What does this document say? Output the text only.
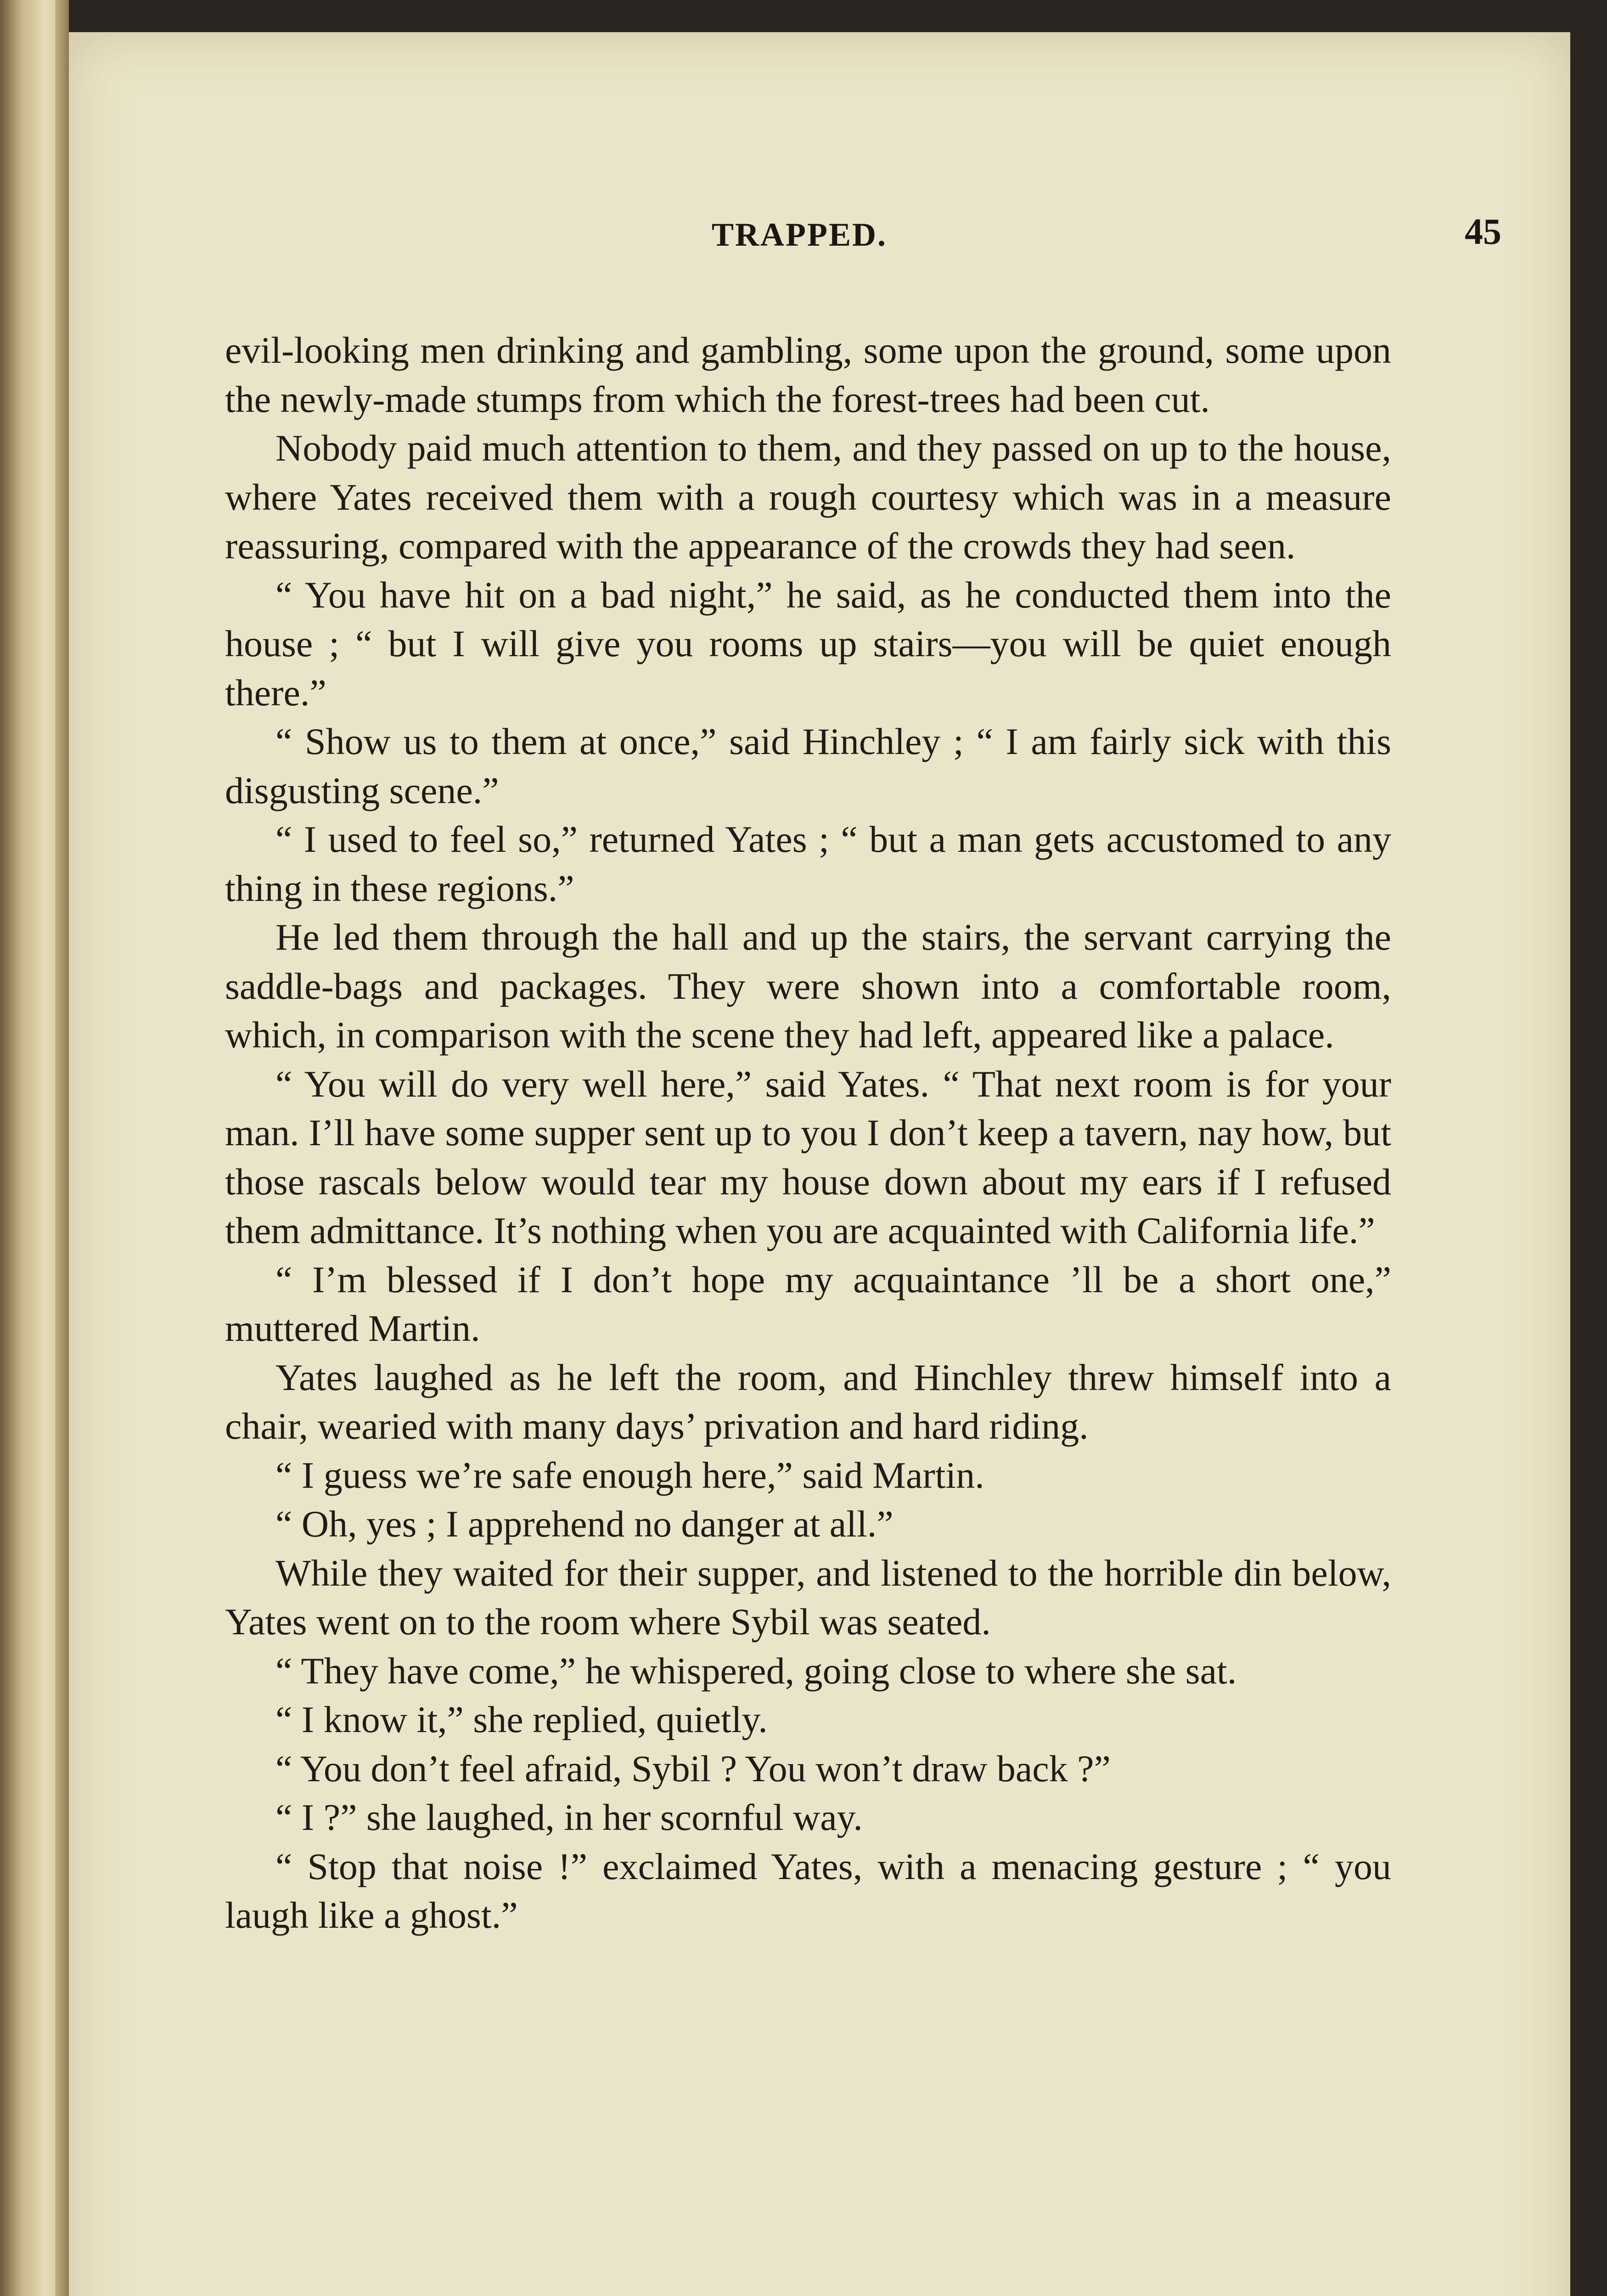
TRAPPED.	45

evil-looking men drinking and gambling, some upon the ground, some upon the newly-made stumps from which the forest-trees had been cut.

Nobody paid much attention to them, and they passed on up to the house, where Yates received them with a rough courtesy which was in a measure reassuring, compared with the appearance of the crowds they had seen.

“ You have hit on a bad night,” he said, as he conducted them into the house ; “ but I will give you rooms up stairs—you will be quiet enough there.”

“ Show us to them at once,” said Hinchley ; “ I am fairly sick with this disgusting scene.”

“ I used to feel so,” returned Yates ; “ but a man gets accustomed to any thing in these regions.”

He led them through the hall and up the stairs, the servant carrying the saddle-bags and packages. They were shown into a comfortable room, which, in comparison with the scene they had left, appeared like a palace.

“ You will do very well here,” said Yates. “ That next room is for your man. I’ll have some supper sent up to you I don’t keep a tavern, nay how, but those rascals below would tear my house down about my ears if I refused them admittance. It’s nothing when you are acquainted with California life.”

“ I’m blessed if I don’t hope my acquaintance ’ll be a short one,” muttered Martin.

Yates laughed as he left the room, and Hinchley threw himself into a chair, wearied with many days’ privation and hard riding.

“ I guess we’re safe enough here,” said Martin.

“ Oh, yes ; I apprehend no danger at all.”

While they waited for their supper, and listened to the horrible din below, Yates went on to the room where Sybil was seated.

“ They have come,” he whispered, going close to where she sat.

“ I know it,” she replied, quietly.

“ You don’t feel afraid, Sybil ? You won’t draw back ?”

“ I ?” she laughed, in her scornful way.

“ Stop that noise !” exclaimed Yates, with a menacing gesture ; “ you laugh like a ghost.”
